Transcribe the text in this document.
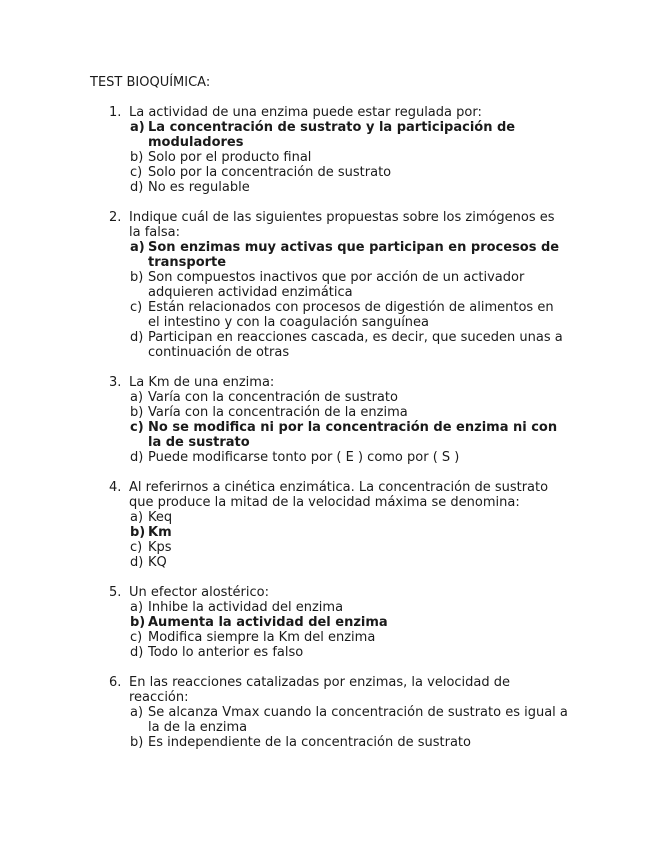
TEST BIOQUÍMICA:
1. La actividad de una enzima puede estar regulada por:
a) La concentración de sustrato y la participación de moduladores
b) Solo por el producto final
c) Solo por la concentración de sustrato
d) No es regulable
2. Indique cuál de las siguientes propuestas sobre los zimógenos es la falsa:
a) Son enzimas muy activas que participan en procesos de transporte
b) Son compuestos inactivos que por acción de un activador adquieren actividad enzimática
c) Están relacionados con procesos de digestión de alimentos en el intestino y con la coagulación sanguínea
d) Participan en reacciones cascada, es decir, que suceden unas a continuación de otras
3. La Km de una enzima:
a) Varía con la concentración de sustrato
b) Varía con la concentración de la enzima
c) No se modifica ni por la concentración de enzima ni con la de sustrato
d) Puede modificarse tonto por ( E ) como por ( S )
4. Al referirnos a cinética enzimática. La concentración de sustrato que produce la mitad de la velocidad máxima se denomina:
a) Keq
b) Km
c) Kps
d) KQ
5. Un efector alostérico:
a) Inhibe la actividad del enzima
b) Aumenta la actividad del enzima
c) Modifica siempre la Km del enzima
d) Todo lo anterior es falso
6. En las reacciones catalizadas por enzimas, la velocidad de reacción:
a) Se alcanza Vmax cuando la concentración de sustrato es igual a la de la enzima
b) Es independiente de la concentración de sustrato
